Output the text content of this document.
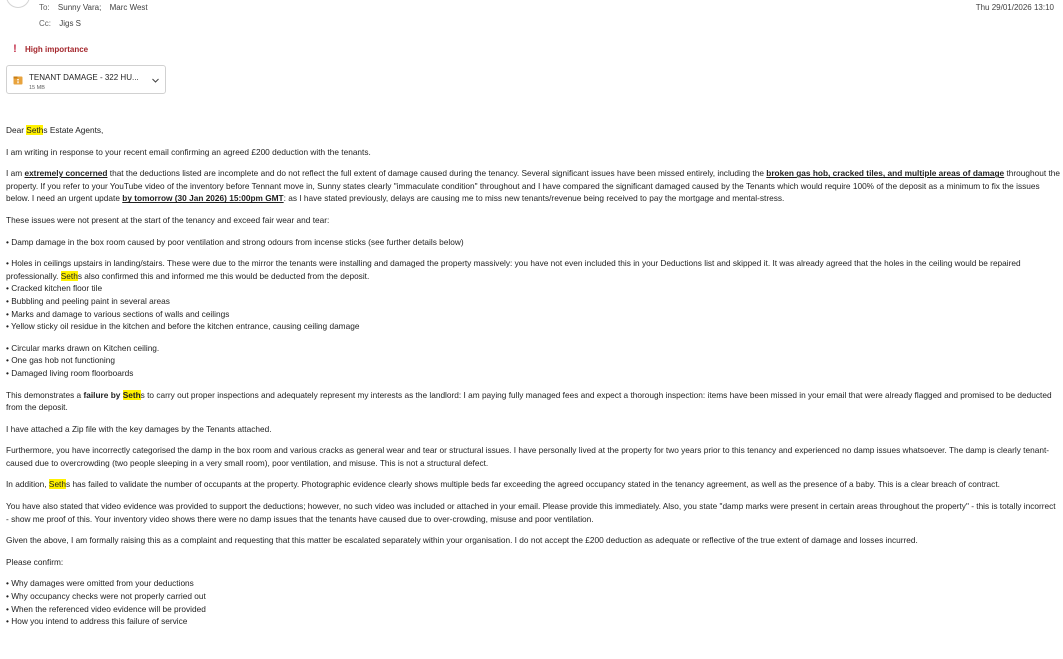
To: Sunny Vara; Marc West
Cc: Jigs S
Thu 29/01/2026 13:10
!	High importance
TENANT DAMAGE - 322 HU...
15 MB

Dear Seths Estate Agents,

I am writing in response to your recent email confirming an agreed £200 deduction with the tenants.

I am extremely concerned that the deductions listed are incomplete and do not reflect the full extent of damage caused during the tenancy. Several significant issues have been missed entirely, including the broken gas hob, cracked tiles, and multiple areas of damage throughout the property. If you refer to your YouTube video of the inventory before Tennant move in, Sunny states clearly "immaculate condition" throughout and I have compared the significant damaged caused by the Tenants which would require 100% of the deposit as a minimum to fix the issues below. I need an urgent update by tomorrow (30 Jan 2026) 15:00pm GMT: as I have stated previously, delays are causing me to miss new tenants/revenue being received to pay the mortgage and mental-stress.

These issues were not present at the start of the tenancy and exceed fair wear and tear:

• Damp damage in the box room caused by poor ventilation and strong odours from incense sticks (see further details below)

• Holes in ceilings upstairs in landing/stairs. These were due to the mirror the tenants were installing and damaged the property massively: you have not even included this in your Deductions list and skipped it. It was already agreed that the holes in the ceiling would be repaired professionally. Seths also confirmed this and informed me this would be deducted from the deposit.

• Cracked kitchen floor tile

• Bubbling and peeling paint in several areas

• Marks and damage to various sections of walls and ceilings

• Yellow sticky oil residue in the kitchen and before the kitchen entrance, causing ceiling damage

• Circular marks drawn on Kitchen ceiling.

• One gas hob not functioning

• Damaged living room floorboards

This demonstrates a failure by Seths to carry out proper inspections and adequately represent my interests as the landlord: I am paying fully managed fees and expect a thorough inspection: items have been missed in your email that were already flagged and promised to be deducted from the deposit.

I have attached a Zip file with the key damages by the Tenants attached.

Furthermore, you have incorrectly categorised the damp in the box room and various cracks as general wear and tear or structural issues. I have personally lived at the property for two years prior to this tenancy and experienced no damp issues whatsoever. The damp is clearly tenant-caused due to overcrowding (two people sleeping in a very small room), poor ventilation, and misuse. This is not a structural defect.

In addition, Seths has failed to validate the number of occupants at the property. Photographic evidence clearly shows multiple beds far exceeding the agreed occupancy stated in the tenancy agreement, as well as the presence of a baby. This is a clear breach of contract.

You have also stated that video evidence was provided to support the deductions; however, no such video was included or attached in your email. Please provide this immediately. Also, you state "damp marks were present in certain areas throughout the property" - this is totally incorrect - show me proof of this. Your inventory video shows there were no damp issues that the tenants have caused due to over-crowding, misuse and poor ventilation.

Given the above, I am formally raising this as a complaint and requesting that this matter be escalated separately within your organisation. I do not accept the £200 deduction as adequate or reflective of the true extent of damage and losses incurred.

Please confirm:

• Why damages were omitted from your deductions

• Why occupancy checks were not properly carried out

• When the referenced video evidence will be provided

• How you intend to address this failure of service
